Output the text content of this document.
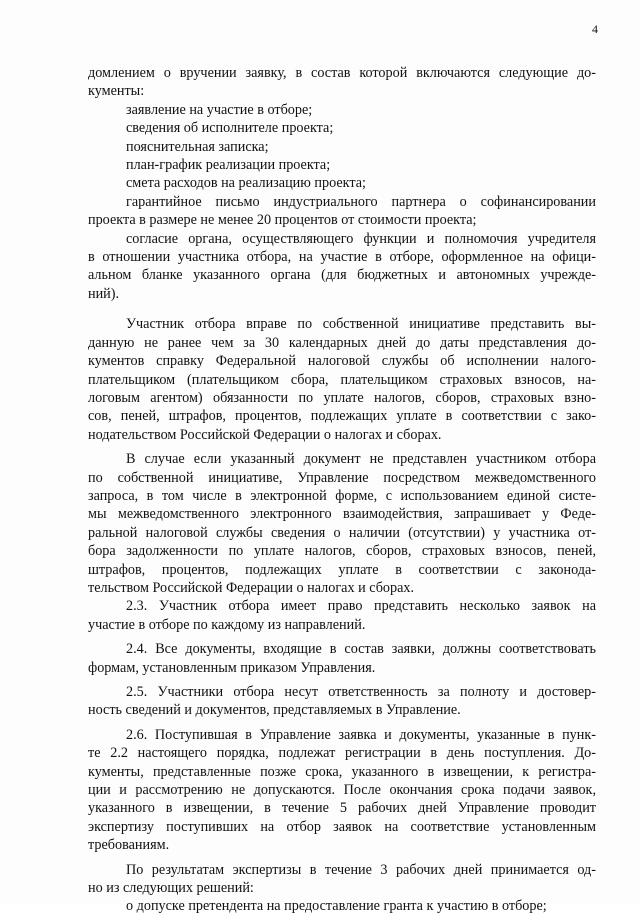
4

домлением о вручении заявку, в состав которой включаются следующие до-

кументы:

заявление на участие в отборе;

сведения об исполнителе проекта;

пояснительная записка;

план-график реализации проекта;

смета расходов на реализацию проекта;

гарантийное письмо индустриального партнера о софинансировании

проекта в размере не менее 20 процентов от стоимости проекта;

согласие органа, осуществляющего функции и полномочия учредителя

в отношении участника отбора, на участие в отборе, оформленное на офици-

альном бланке указанного органа (для бюджетных и автономных учрежде-

ний).

Участник отбора вправе по собственной инициативе представить вы-

данную не ранее чем за 30 календарных дней до даты представления до-

кументов справку Федеральной налоговой службы об исполнении налого-

плательщиком (плательщиком сбора, плательщиком страховых взносов, на-

логовым агентом) обязанности по уплате налогов, сборов, страховых взно-

сов, пеней, штрафов, процентов, подлежащих уплате в соответствии с зако-

нодательством Российской Федерации о налогах и сборах.

В случае если указанный документ не представлен участником отбора

по собственной инициативе, Управление посредством межведомственного

запроса, в том числе в электронной форме, с использованием единой систе-

мы межведомственного электронного взаимодействия, запрашивает у Феде-

ральной налоговой службы сведения о наличии (отсутствии) у участника от-

бора задолженности по уплате налогов, сборов, страховых взносов, пеней,

штрафов, процентов, подлежащих уплате в соответствии с законода-

тельством Российской Федерации о налогах и сборах.

2.3. Участник отбора имеет право представить несколько заявок на

участие в отборе по каждому из направлений.

2.4. Все документы, входящие в состав заявки, должны соответствовать

формам, установленным приказом Управления.

2.5. Участники отбора несут ответственность за полноту и достовер-

ность сведений и документов, представляемых в Управление.

2.6. Поступившая в Управление заявка и документы, указанные в пунк-

те 2.2 настоящего порядка, подлежат регистрации в день поступления. До-

кументы, представленные позже срока, указанного в извещении, к регистра-

ции и рассмотрению не допускаются. После окончания срока подачи заявок,

указанного в извещении, в течение 5 рабочих дней Управление проводит

экспертизу поступивших на отбор заявок на соответствие установленным

требованиям.

По результатам экспертизы в течение 3 рабочих дней принимается од-

но из следующих решений:

о допуске претендента на предоставление гранта к участию в отборе;
